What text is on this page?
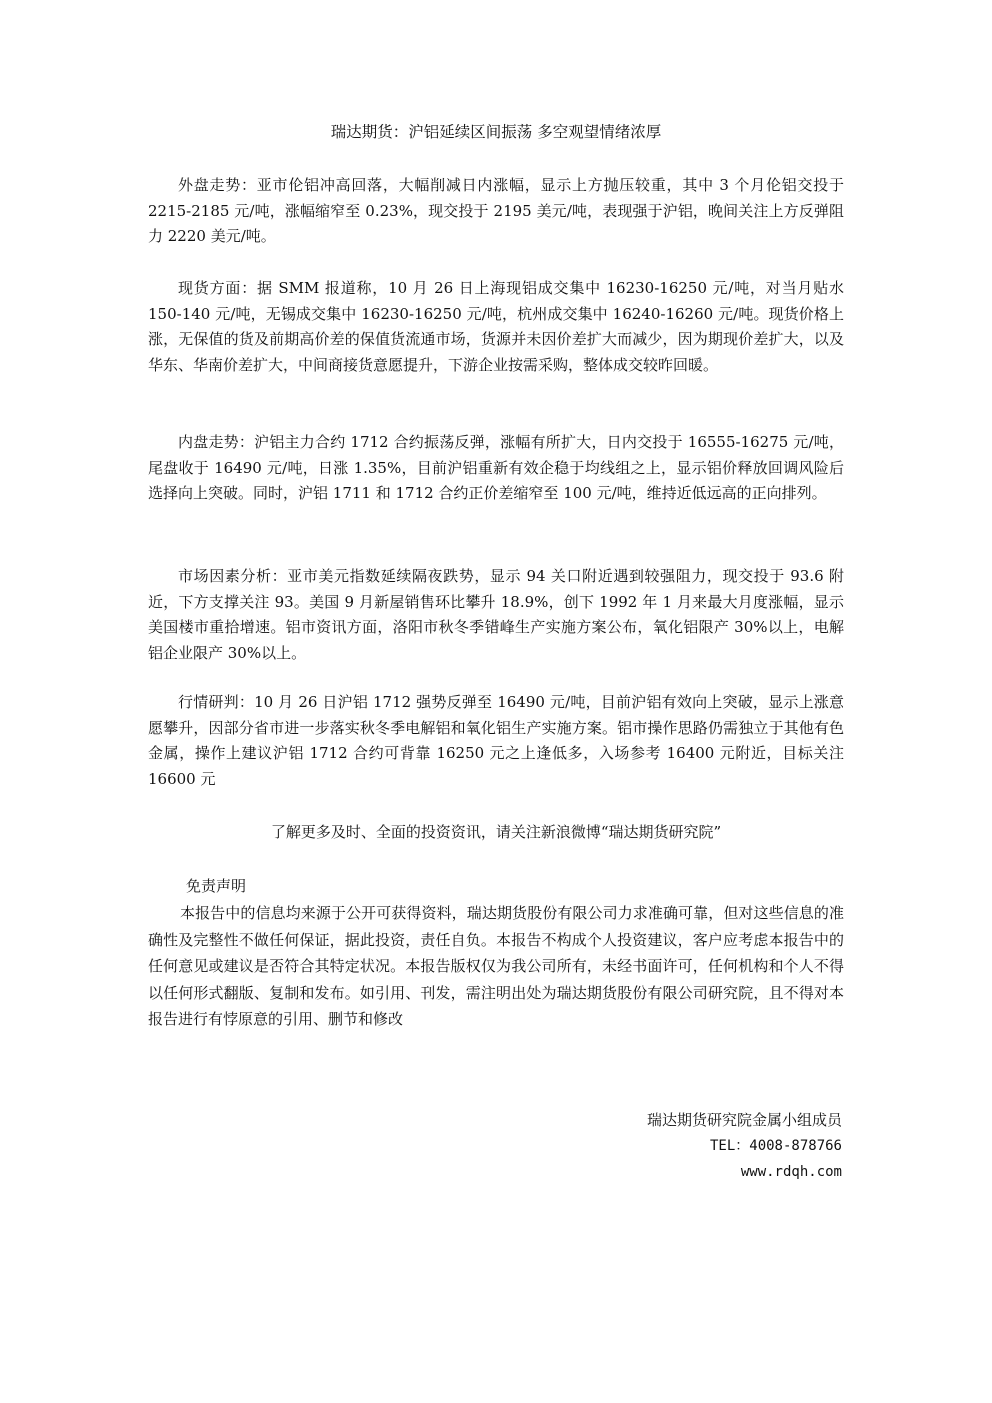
瑞达期货：沪铝延续区间振荡 多空观望情绪浓厚

外盘走势：亚市伦铝冲高回落，大幅削减日内涨幅，显示上方抛压较重，其中 3 个月伦铝交投于 2215-2185 元/吨，涨幅缩窄至 0.23%，现交投于 2195 美元/吨，表现强于沪铝，晚间关注上方反弹阻力 2220 美元/吨。

现货方面：据 SMM 报道称，10 月 26 日上海现铝成交集中 16230-16250 元/吨，对当月贴水 150-140 元/吨，无锡成交集中 16230-16250 元/吨，杭州成交集中 16240-16260 元/吨。现货价格上涨，无保值的货及前期高价差的保值货流通市场，货源并未因价差扩大而减少，因为期现价差扩大，以及华东、华南价差扩大，中间商接货意愿提升，下游企业按需采购，整体成交较昨回暖。

内盘走势：沪铝主力合约 1712 合约振荡反弹，涨幅有所扩大，日内交投于 16555-16275 元/吨，尾盘收于 16490 元/吨，日涨 1.35%，目前沪铝重新有效企稳于均线组之上，显示铝价释放回调风险后选择向上突破。同时，沪铝 1711 和 1712 合约正价差缩窄至 100 元/吨，维持近低远高的正向排列。

市场因素分析：亚市美元指数延续隔夜跌势，显示 94 关口附近遇到较强阻力，现交投于 93.6 附近，下方支撑关注 93。美国 9 月新屋销售环比攀升 18.9%，创下 1992 年 1 月来最大月度涨幅，显示美国楼市重拾增速。铝市资讯方面，洛阳市秋冬季错峰生产实施方案公布，氧化铝限产 30%以上，电解铝企业限产 30%以上。

行情研判：10 月 26 日沪铝 1712 强势反弹至 16490 元/吨，目前沪铝有效向上突破，显示上涨意愿攀升，因部分省市进一步落实秋冬季电解铝和氧化铝生产实施方案。铝市操作思路仍需独立于其他有色金属，操作上建议沪铝 1712 合约可背靠 16250 元之上逢低多，入场参考 16400 元附近，目标关注 16600 元

了解更多及时、全面的投资资讯，请关注新浪微博“瑞达期货研究院”
免责声明

本报告中的信息均来源于公开可获得资料，瑞达期货股份有限公司力求准确可靠，但对这些信息的准确性及完整性不做任何保证，据此投资，责任自负。本报告不构成个人投资建议，客户应考虑本报告中的任何意见或建议是否符合其特定状况。本报告版权仅为我公司所有，未经书面许可，任何机构和个人不得以任何形式翻版、复制和发布。如引用、刊发，需注明出处为瑞达期货股份有限公司研究院，且不得对本报告进行有悖原意的引用、删节和修改

瑞达期货研究院金属小组成员
TEL：4008-878766
www.rdqh.com
